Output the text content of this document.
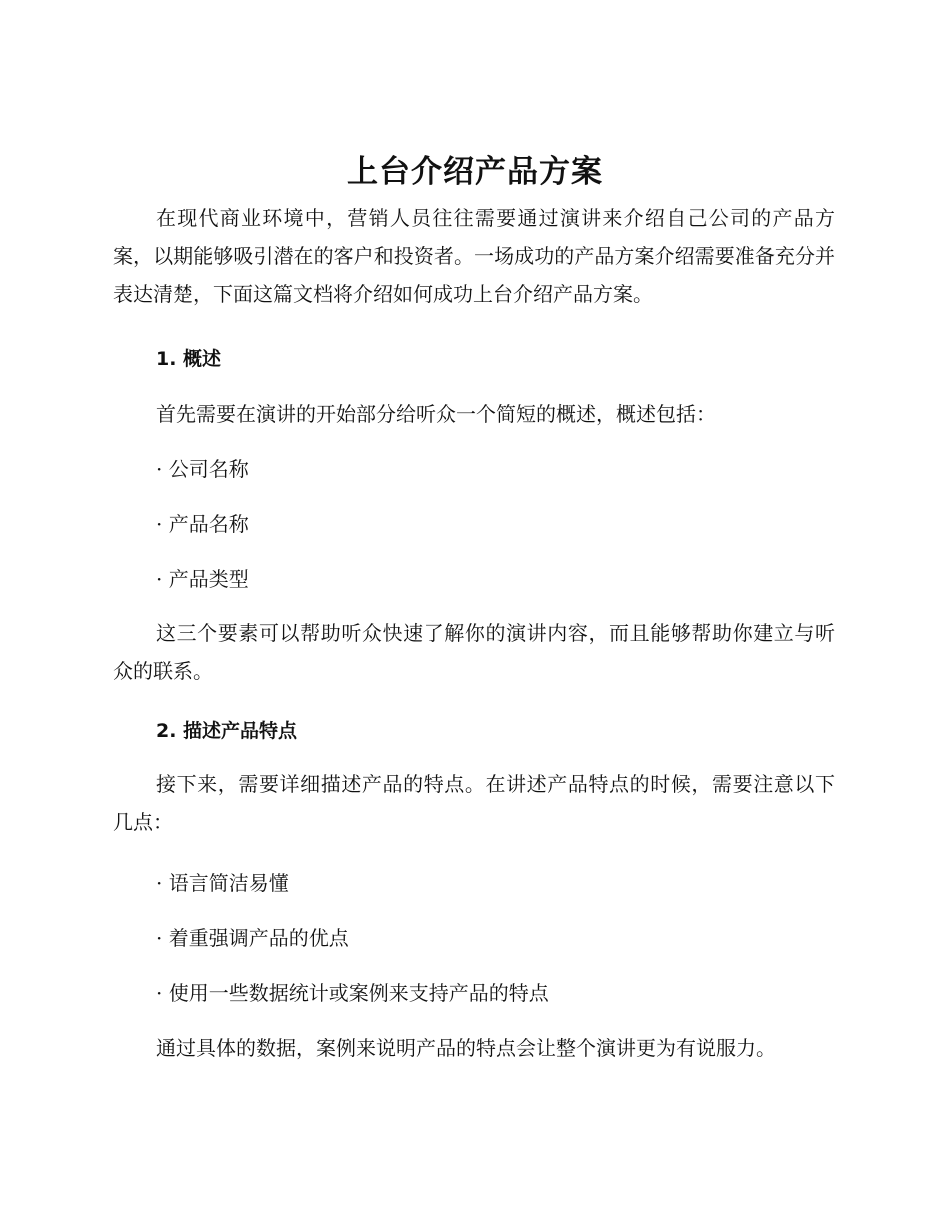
上台介绍产品方案

在现代商业环境中，营销人员往往需要通过演讲来介绍自己公司的产品方案，以期能够吸引潜在的客户和投资者。一场成功的产品方案介绍需要准备充分并表达清楚，下面这篇文档将介绍如何成功上台介绍产品方案。

1. 概述
首先需要在演讲的开始部分给听众一个简短的概述，概述包括：
· 公司名称
· 产品名称
· 产品类型

这三个要素可以帮助听众快速了解你的演讲内容，而且能够帮助你建立与听众的联系。

2. 描述产品特点

接下来，需要详细描述产品的特点。在讲述产品特点的时候，需要注意以下几点：

· 语言简洁易懂
· 着重强调产品的优点
· 使用一些数据统计或案例来支持产品的特点
通过具体的数据，案例来说明产品的特点会让整个演讲更为有说服力。
